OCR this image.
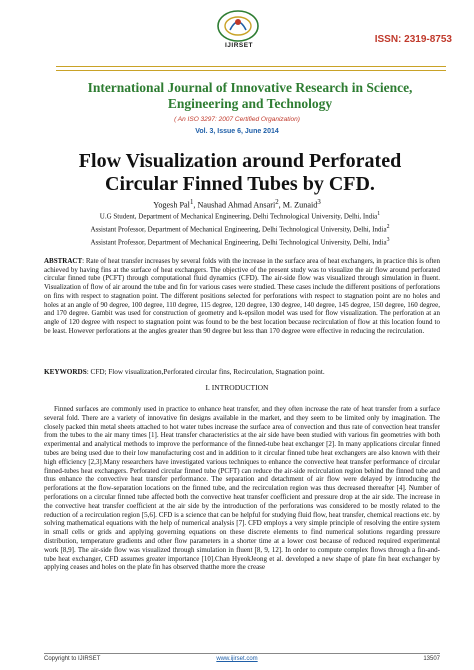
IJIRSET
ISSN: 2319-8753
International Journal of Innovative Research in Science,
Engineering and Technology
( An ISO 3297: 2007 Certified Organization)
Vol. 3, Issue 6, June 2014
Flow Visualization around Perforated
Circular Finned Tubes by CFD.
Yogesh Pal$^1$, Naushad Ahmad Ansari$^2$, M. Zunaid$^3$
U.G Student, Department of Mechanical Engineering, Delhi Technological University, Delhi, India$^1$
Assistant Professor, Department of Mechanical Engineering, Delhi Technological University, Delhi, India$^2$
Assistant Professor, Department of Mechanical Engineering, Delhi Technological University, Delhi, India$^3$
ABSTRACT: Rate of heat transfer increases by several folds with the increase in the surface area of heat exchangers, in practice this is often achieved by having fins at the surface of heat exchangers. The objective of the present study was to visualize the air flow around perforated circular finned tube (PCFT) through computational fluid dynamics (CFD). The air-side flow was visualized through simulation in fluent. Visualization of flow of air around the tube and fin for various cases were studied. These cases include the different positions of perforations on fins with respect to stagnation point. The different positions selected for perforations with respect to stagnation point are no holes and holes at an angle of 90 degree, 100 degree, 110 degree, 115 degree, 120 degree, 130 degree, 140 degree, 145 degree, 150 degree, 160 degree, and 170 degree. Gambit was used for construction of geometry and k-epsilon model was used for flow visualization. The perforation at an angle of 120 degree with respect to stagnation point was found to be the best location because recirculation of flow at this location found to be least. However perforations at the angles greater than 90 degree but less than 170 degree were effective in reducing the recirculation.
KEYWORDS: CFD; Flow visualization,Perforated circular fins, Recirculation, Stagnation point.
I. INTRODUCTION

Finned surfaces are commonly used in practice to enhance heat transfer, and they often increase the rate of heat transfer from a surface several fold. There are a variety of innovative fin designs available in the market, and they seem to be limited only by imagination. The closely packed thin metal sheets attached to hot water tubes increase the surface area of convection and thus rate of convection heat transfer from the tubes to the air many times [1]. Heat transfer characteristics at the air side have been studied with various fin geometries with both experimental and analytical methods to improve the performance of the finned-tube heat exchanger [2]. In many applications circular finned tubes are being used due to their low manufacturing cost and in addition to it circular finned tube heat exchangers are also known with their high efficiency [2,3].Many researchers have investigated various techniques to enhance the convective heat transfer performance of circular finned-tubes heat exchangers. Perforated circular finned tube (PCFT) can reduce the air-side recirculation region behind the finned tube and thus enhance the convective heat transfer performance. The separation and detachment of air flow were delayed by introducing the perforations at the flow-separation locations on the finned tube, and the recirculation region was thus decreased thereafter [4]. Number of perforations on a circular finned tube affected both the convective heat transfer coefficient and pressure drop at the air side. The increase in the convective heat transfer coefficient at the air side by the introduction of the perforations was considered to be mostly related to the reduction of a recirculation region [5,6]. CFD is a science that can be helpful for studying fluid flow, heat transfer, chemical reactions etc. by solving mathematical equations with the help of numerical analysis [7]. CFD employs a very simple principle of resolving the entire system in small cells or grids and applying governing equations on these discrete elements to find numerical solutions regarding pressure distribution, temperature gradients and other flow parameters in a shorter time at a lower cost because of reduced required experimental work [8,9]. The air-side flow was visualized through simulation in fluent [8, 9, 12]. In order to compute complex flows through a fin-and-tube heat exchanger, CFD assumes greater importance [10].Chan HyeokJeong et al. developed a new shape of plate fin heat exchanger by applying ceases and holes on the plate fin has observed thatthe more the crease

Copyright to IJIRSET	www.ijirset.com	13507
